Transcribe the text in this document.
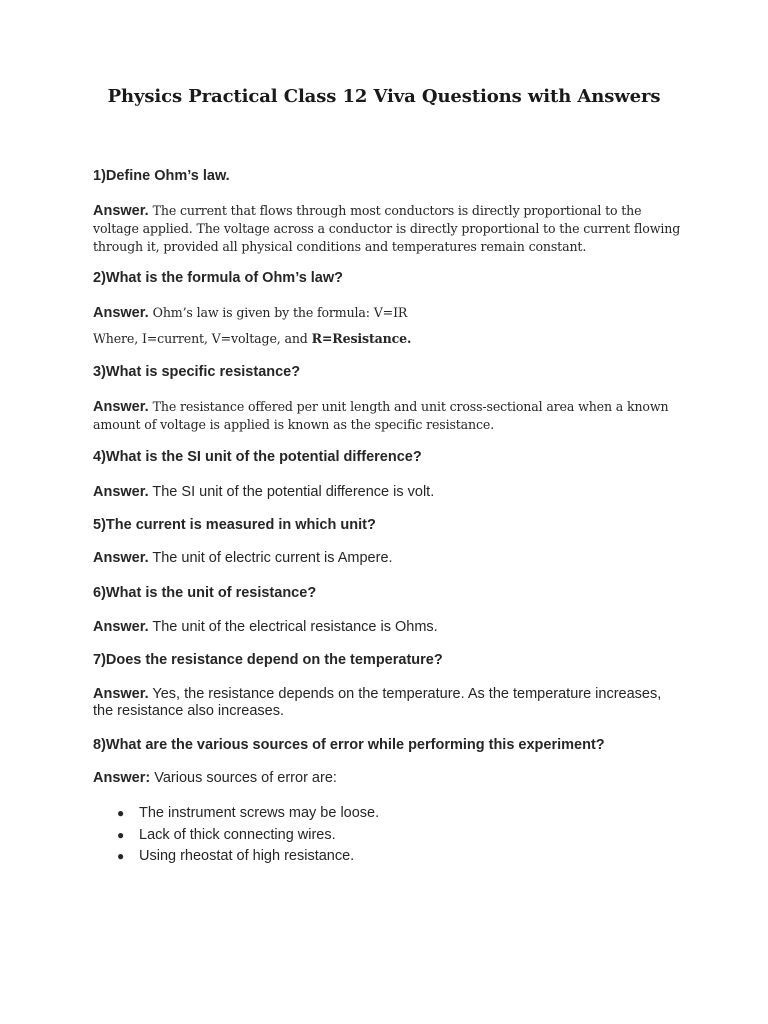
Physics Practical Class 12 Viva Questions with Answers

1)Define Ohm’s law.

Answer. The current that flows through most conductors is directly proportional to the voltage applied. The voltage across a conductor is directly proportional to the current flowing through it, provided all physical conditions and temperatures remain constant.

2)What is the formula of Ohm’s law?

Answer. Ohm’s law is given by the formula: V=IR

Where, I=current, V=voltage, and R=Resistance.

3)What is specific resistance?

Answer. The resistance offered per unit length and unit cross-sectional area when a known amount of voltage is applied is known as the specific resistance.

4)What is the SI unit of the potential difference?

Answer. The SI unit of the potential difference is volt.

5)The current is measured in which unit?

Answer. The unit of electric current is Ampere.

6)What is the unit of resistance?

Answer. The unit of the electrical resistance is Ohms.

7)Does the resistance depend on the temperature?

Answer. Yes, the resistance depends on the temperature. As the temperature increases, the resistance also increases.

8)What are the various sources of error while performing this experiment?

Answer: Various sources of error are:

● The instrument screws may be loose.
● Lack of thick connecting wires.
● Using rheostat of high resistance.
